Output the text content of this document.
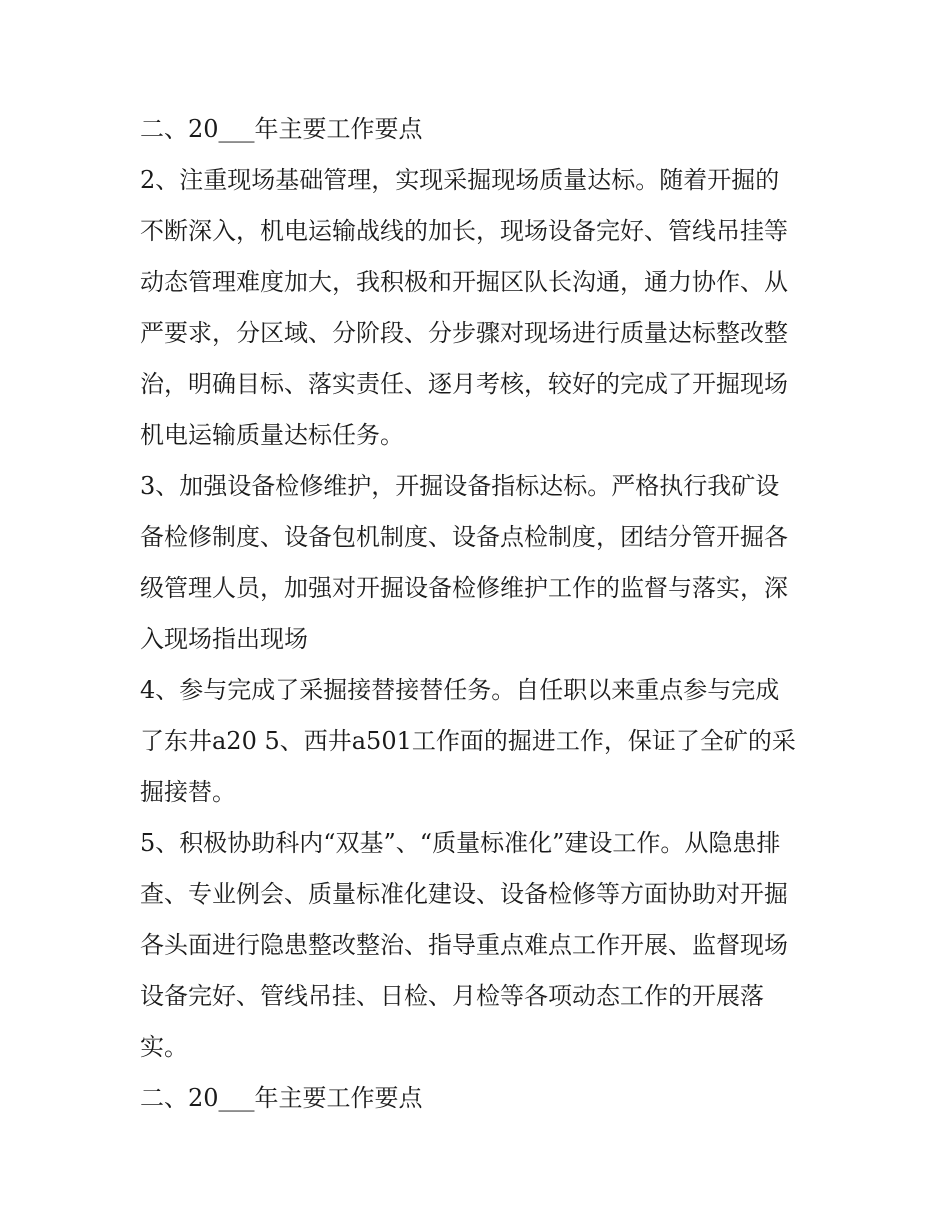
二、20___年主要工作要点
2、注重现场基础管理，实现采掘现场质量达标。随着开掘的
不断深入，机电运输战线的加长，现场设备完好、管线吊挂等
动态管理难度加大，我积极和开掘区队长沟通，通力协作、从
严要求，分区域、分阶段、分步骤对现场进行质量达标整改整
治，明确目标、落实责任、逐月考核，较好的完成了开掘现场
机电运输质量达标任务。
3、加强设备检修维护，开掘设备指标达标。严格执行我矿设
备检修制度、设备包机制度、设备点检制度，团结分管开掘各
级管理人员，加强对开掘设备检修维护工作的监督与落实，深
入现场指出现场
4、参与完成了采掘接替接替任务。自任职以来重点参与完成
了东井a20 5、西井a501工作面的掘进工作，保证了全矿的采
掘接替。
5、积极协助科内“双基”、“质量标准化”建设工作。从隐患排
查、专业例会、质量标准化建设、设备检修等方面协助对开掘
各头面进行隐患整改整治、指导重点难点工作开展、监督现场
设备完好、管线吊挂、日检、月检等各项动态工作的开展落
实。
二、20___年主要工作要点
